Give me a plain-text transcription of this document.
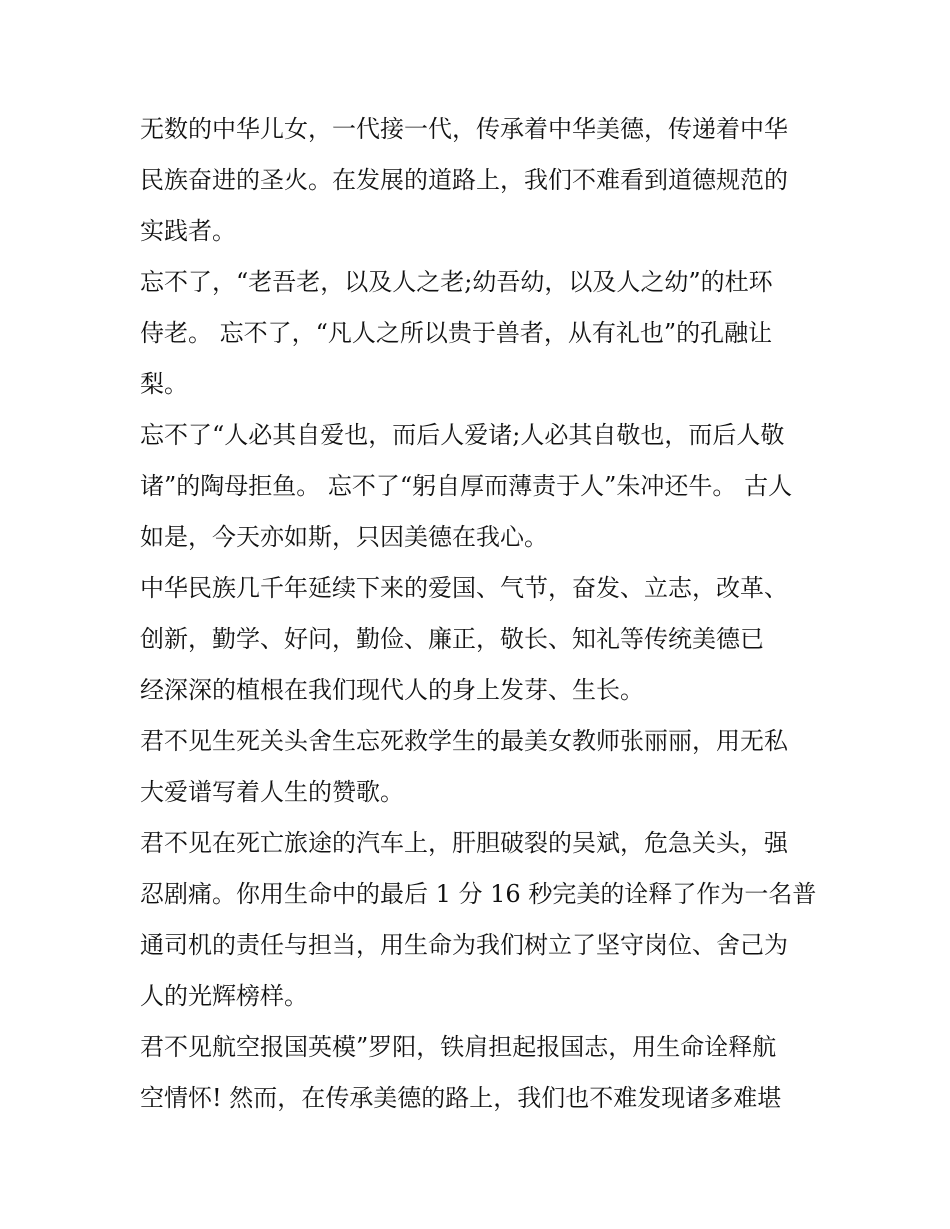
无数的中华儿女，一代接一代，传承着中华美德，传递着中华
民族奋进的圣火。在发展的道路上，我们不难看到道德规范的
实践者。

忘不了，“老吾老，以及人之老;幼吾幼，以及人之幼”的杜环
侍老。 忘不了，“凡人之所以贵于兽者，从有礼也”的孔融让
梨。

忘不了“人必其自爱也，而后人爱诸;人必其自敬也，而后人敬
诸”的陶母拒鱼。 忘不了“躬自厚而薄责于人”朱冲还牛。 古人
如是，今天亦如斯，只因美德在我心。

中华民族几千年延续下来的爱国、气节，奋发、立志，改革、
创新，勤学、好问，勤俭、廉正，敬长、知礼等传统美德已
经深深的植根在我们现代人的身上发芽、生长。

君不见生死关头舍生忘死救学生的最美女教师张丽丽，用无私
大爱谱写着人生的赞歌。

君不见在死亡旅途的汽车上，肝胆破裂的吴斌，危急关头，强
忍剧痛。你用生命中的最后 1 分 16 秒完美的诠释了作为一名普
通司机的责任与担当，用生命为我们树立了坚守岗位、舍己为
人的光辉榜样。

君不见航空报国英模”罗阳，铁肩担起报国志，用生命诠释航
空情怀! 然而，在传承美德的路上，我们也不难发现诸多难堪
